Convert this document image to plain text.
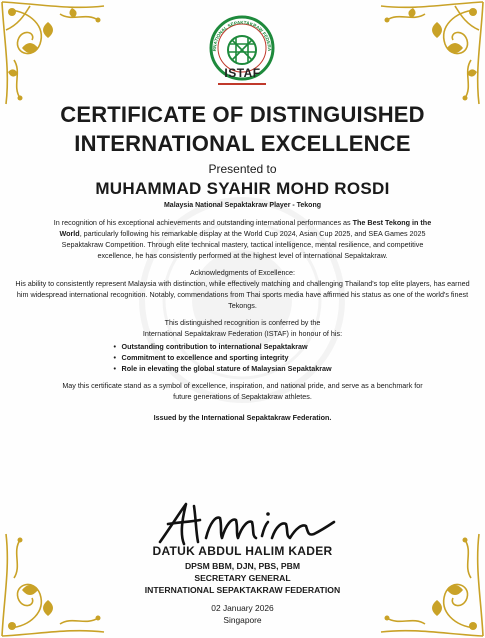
RNATIONAL SEPAKTAKRAW FEDERA
ISTAF
CERTIFICATE OF DISTINGUISHED
INTERNATIONAL EXCELLENCE
Presented to
MUHAMMAD SYAHIR MOHD ROSDI
Malaysia National Sepaktakraw Player - Tekong

In recognition of his exceptional achievements and outstanding international performances as The Best Tekong in the World, particularly following his remarkable display at the World Cup 2024, Asian Cup 2025, and SEA Games 2025 Sepaktakraw Competition. Through elite technical mastery, tactical intelligence, mental resilience, and competitive excellence, he has consistently performed at the highest level of international Sepaktakraw.

Acknowledgments of Excellence:
His ability to consistently represent Malaysia with distinction, while effectively matching and challenging Thailand's top elite players, has earned him widespread international recognition. Notably, commendations from Thai sports media have affirmed his status as one of the world's finest Tekongs.

This distinguished recognition is conferred by the
International Sepaktakraw Federation (ISTAF) in honour of his:

• Outstanding contribution to international Sepaktakraw
• Commitment to excellence and sporting integrity
• Role in elevating the global stature of Malaysian Sepaktakraw

May this certificate stand as a symbol of excellence, inspiration, and national pride, and serve as a benchmark for future generations of Sepaktakraw athletes.

Issued by the International Sepaktakraw Federation.
DATUK ABDUL HALIM KADER
DPSM BBM, DJN, PBS, PBM
SECRETARY GENERAL
INTERNATIONAL SEPAKTAKRAW FEDERATION
02 January 2026
Singapore
